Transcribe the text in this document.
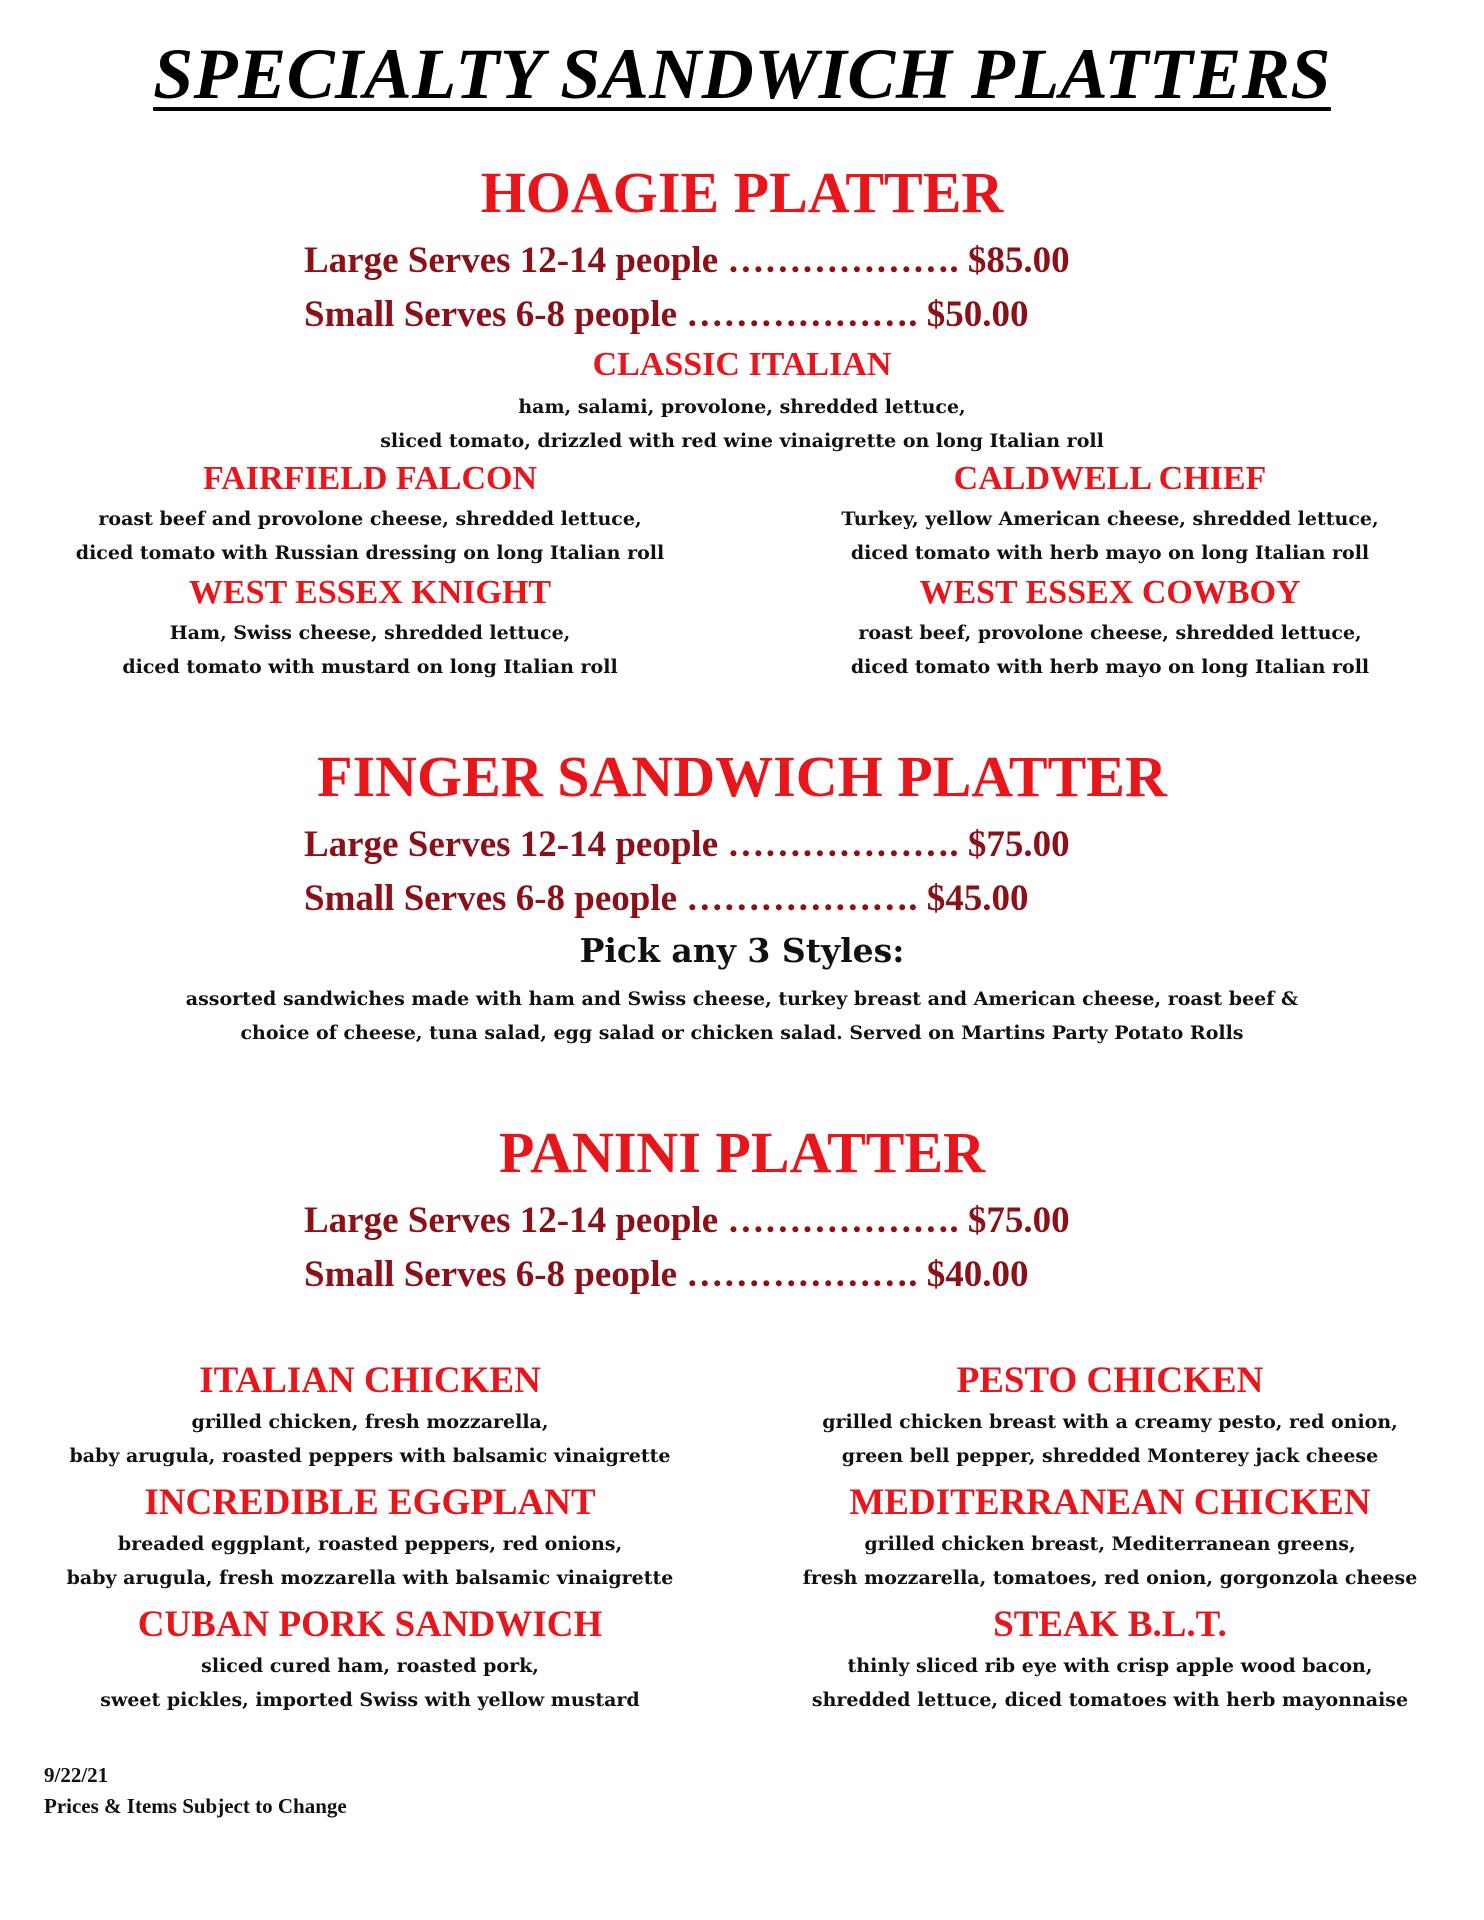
SPECIALTY SANDWICH PLATTERS
HOAGIE PLATTER
Large Serves 12-14 people ………………. $85.00
Small Serves 6-8 people ………………. $50.00
CLASSIC ITALIAN
ham, salami, provolone, shredded lettuce,
sliced tomato, drizzled with red wine vinaigrette on long Italian roll
FAIRFIELD FALCON
roast beef and provolone cheese, shredded lettuce,
diced tomato with Russian dressing on long Italian roll
CALDWELL CHIEF
Turkey, yellow American cheese, shredded lettuce,
diced tomato with herb mayo on long Italian roll
WEST ESSEX KNIGHT
Ham, Swiss cheese, shredded lettuce,
diced tomato with mustard on long Italian roll
WEST ESSEX COWBOY
roast beef, provolone cheese, shredded lettuce,
diced tomato with herb mayo on long Italian roll
FINGER SANDWICH PLATTER
Large Serves 12-14 people ………………. $75.00
Small Serves 6-8 people ………………. $45.00
Pick any 3 Styles:
assorted sandwiches made with ham and Swiss cheese, turkey breast and American cheese, roast beef &
choice of cheese, tuna salad, egg salad or chicken salad. Served on Martins Party Potato Rolls
PANINI PLATTER
Large Serves 12-14 people ………………. $75.00
Small Serves 6-8 people ………………. $40.00
ITALIAN CHICKEN
grilled chicken, fresh mozzarella,
baby arugula, roasted peppers with balsamic vinaigrette
PESTO CHICKEN
grilled chicken breast with a creamy pesto, red onion,
green bell pepper, shredded Monterey jack cheese
INCREDIBLE EGGPLANT
breaded eggplant, roasted peppers, red onions,
baby arugula, fresh mozzarella with balsamic vinaigrette
MEDITERRANEAN CHICKEN
grilled chicken breast, Mediterranean greens,
fresh mozzarella, tomatoes, red onion, gorgonzola cheese
CUBAN PORK SANDWICH
sliced cured ham, roasted pork,
sweet pickles, imported Swiss with yellow mustard
STEAK B.L.T.
thinly sliced rib eye with crisp apple wood bacon,
shredded lettuce, diced tomatoes with herb mayonnaise
9/22/21
Prices & Items Subject to Change
